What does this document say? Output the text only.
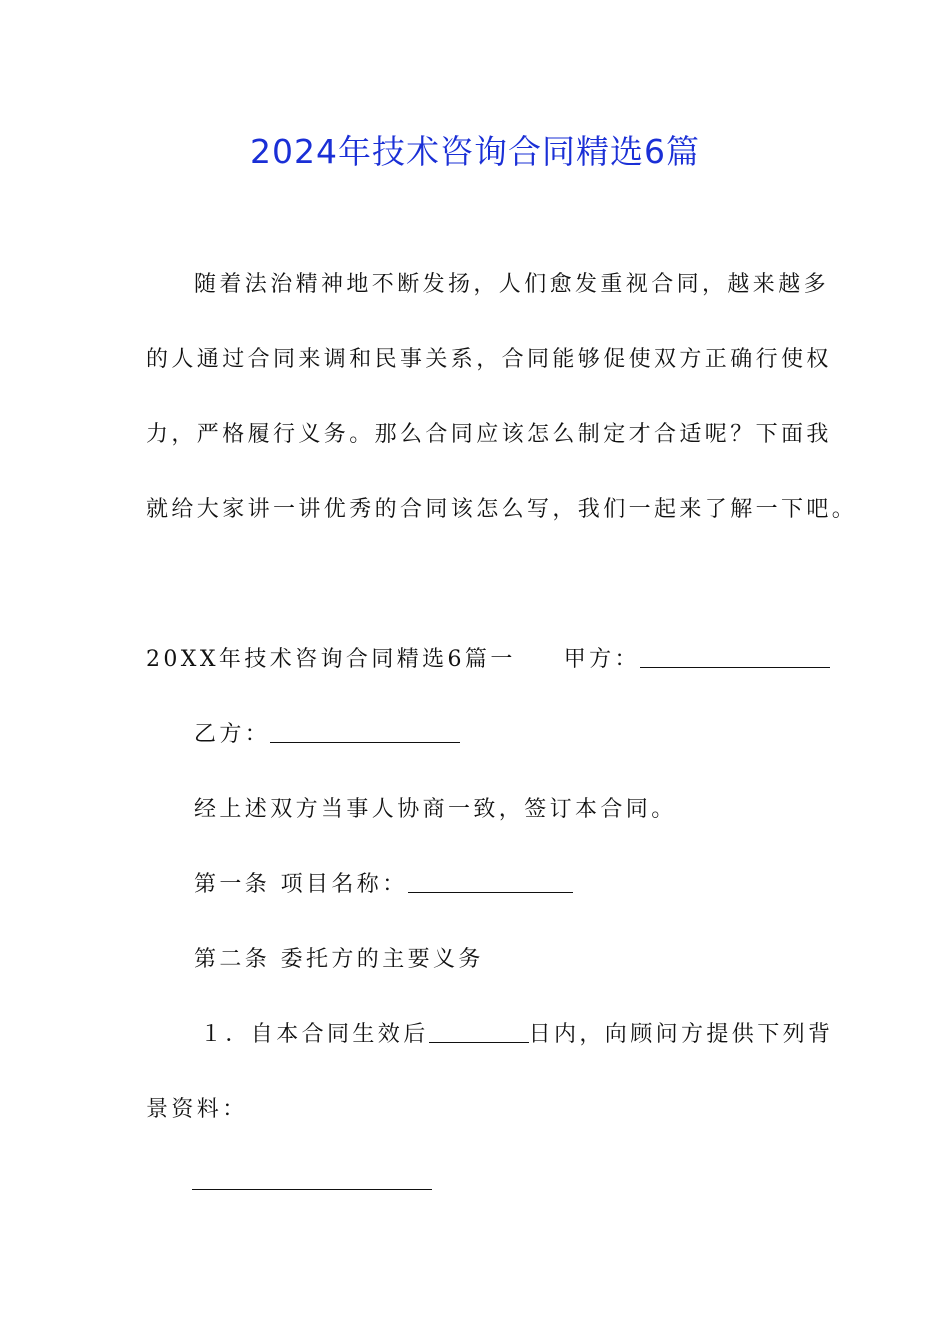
2024年技术咨询合同精选6篇
随着法治精神地不断发扬，人们愈发重视合同，越来越多
的人通过合同来调和民事关系，合同能够促使双方正确行使权
力，严格履行义务。那么合同应该怎么制定才合适呢？下面我
就给大家讲一讲优秀的合同该怎么写，我们一起来了解一下吧。
20XX年技术咨询合同精选6篇一 甲方：
乙方：
经上述双方当事人协商一致，签订本合同。
第一条 项目名称：
第二条 委托方的主要义务
１．自本合同生效后	日内，向顾问方提供下列背
景资料：
